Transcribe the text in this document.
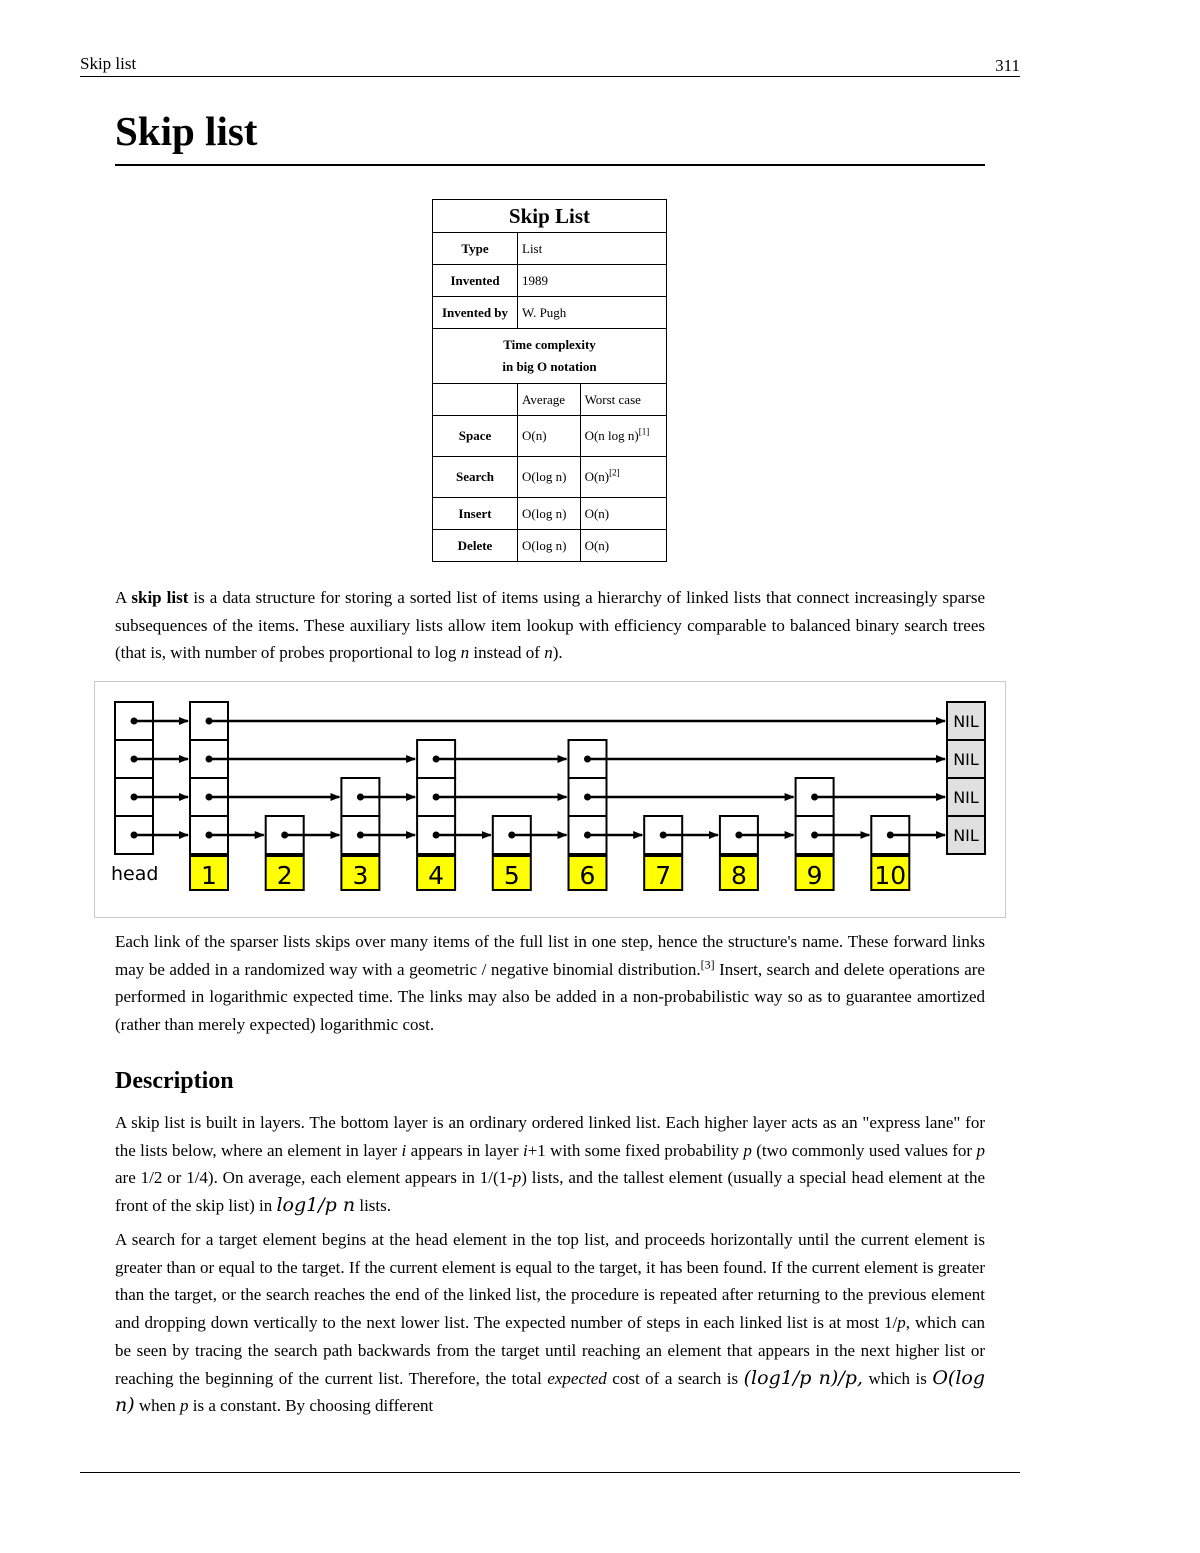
Skip list	311
Skip list
Skip List		
Type	List	
Invented	1989	
Invented by	W. Pugh	
Time complexity
in big O notation		
	Average	Worst case
Space	O(n)	O(n log n)[1]
Search	O(log n)	O(n)[2]
Insert	O(log n)	O(n)
Delete	O(log n)	O(n)

A skip list is a data structure for storing a sorted list of items using a hierarchy of linked lists that connect increasingly sparse subsequences of the items. These auxiliary lists allow item lookup with efficiency comparable to balanced binary search trees (that is, with number of probes proportional to log n instead of n).

head
NIL
NIL
NIL
NIL
1 2 3 4 5 6 7 8 9 10

Each link of the sparser lists skips over many items of the full list in one step, hence the structure's name. These forward links may be added in a randomized way with a geometric / negative binomial distribution.[3] Insert, search and delete operations are performed in logarithmic expected time. The links may also be added in a non-probabilistic way so as to guarantee amortized (rather than merely expected) logarithmic cost.

Description

A skip list is built in layers. The bottom layer is an ordinary ordered linked list. Each higher layer acts as an "express lane" for the lists below, where an element in layer i appears in layer i+1 with some fixed probability p (two commonly used values for p are 1/2 or 1/4). On average, each element appears in 1/(1-p) lists, and the tallest element (usually a special head element at the front of the skip list) in log1/p n lists.

A search for a target element begins at the head element in the top list, and proceeds horizontally until the current element is greater than or equal to the target. If the current element is equal to the target, it has been found. If the current element is greater than the target, or the search reaches the end of the linked list, the procedure is repeated after returning to the previous element and dropping down vertically to the next lower list. The expected number of steps in each linked list is at most 1/p, which can be seen by tracing the search path backwards from the target until reaching an element that appears in the next higher list or reaching the beginning of the current list. Therefore, the total expected cost of a search is (log1/p n)/p, which is O(log n) when p is a constant. By choosing different
